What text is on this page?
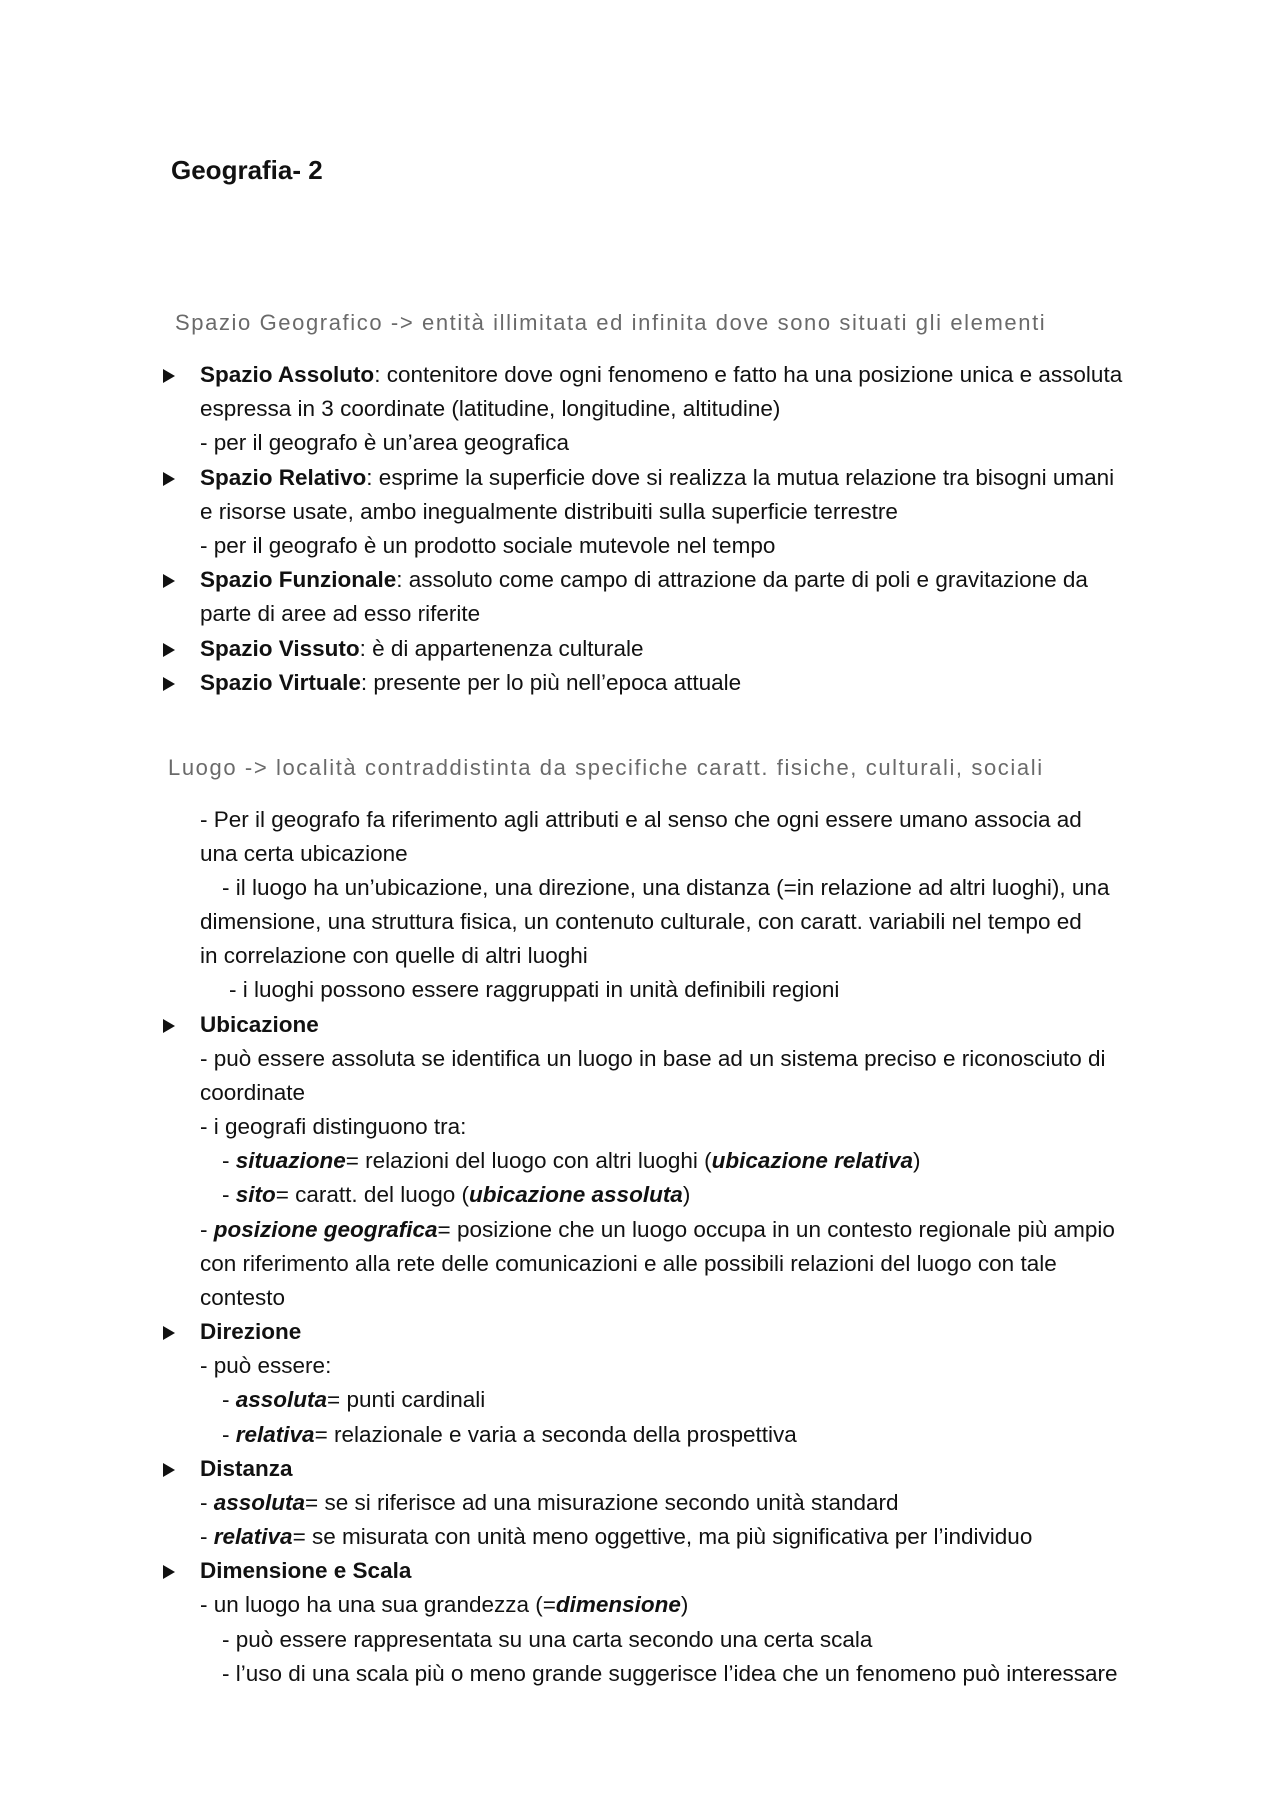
Geografia- 2

Spazio Geografico -> entità illimitata ed infinita dove sono situati gli elementi

Spazio Assoluto: contenitore dove ogni fenomeno e fatto ha una posizione unica e assoluta
espressa in 3 coordinate (latitudine, longitudine, altitudine)
- per il geografo è un’area geografica
Spazio Relativo: esprime la superficie dove si realizza la mutua relazione tra bisogni umani
e risorse usate, ambo inegualmente distribuiti sulla superficie terrestre
- per il geografo è un prodotto sociale mutevole nel tempo
Spazio Funzionale: assoluto come campo di attrazione da parte di poli e gravitazione da
parte di aree ad esso riferite
Spazio Vissuto: è di appartenenza culturale
Spazio Virtuale: presente per lo più nell’epoca attuale

Luogo -> località contraddistinta da specifiche caratt. fisiche, culturali, sociali

- Per il geografo fa riferimento agli attributi e al senso che ogni essere umano associa ad
una certa ubicazione
- il luogo ha un’ubicazione, una direzione, una distanza (=in relazione ad altri luoghi), una
dimensione, una struttura fisica, un contenuto culturale, con caratt. variabili nel tempo ed
in correlazione con quelle di altri luoghi
- i luoghi possono essere raggruppati in unità definibili regioni
Ubicazione
- può essere assoluta se identifica un luogo in base ad un sistema preciso e riconosciuto di
coordinate
- i geografi distinguono tra:
- situazione= relazioni del luogo con altri luoghi (ubicazione relativa)
- sito= caratt. del luogo (ubicazione assoluta)
- posizione geografica= posizione che un luogo occupa in un contesto regionale più ampio
con riferimento alla rete delle comunicazioni e alle possibili relazioni del luogo con tale
contesto
Direzione
- può essere:
- assoluta= punti cardinali
- relativa= relazionale e varia a seconda della prospettiva
Distanza
- assoluta= se si riferisce ad una misurazione secondo unità standard
- relativa= se misurata con unità meno oggettive, ma più significativa per l’individuo
Dimensione e Scala
- un luogo ha una sua grandezza (=dimensione)
- può essere rappresentata su una carta secondo una certa scala
- l’uso di una scala più o meno grande suggerisce l’idea che un fenomeno può interessare
